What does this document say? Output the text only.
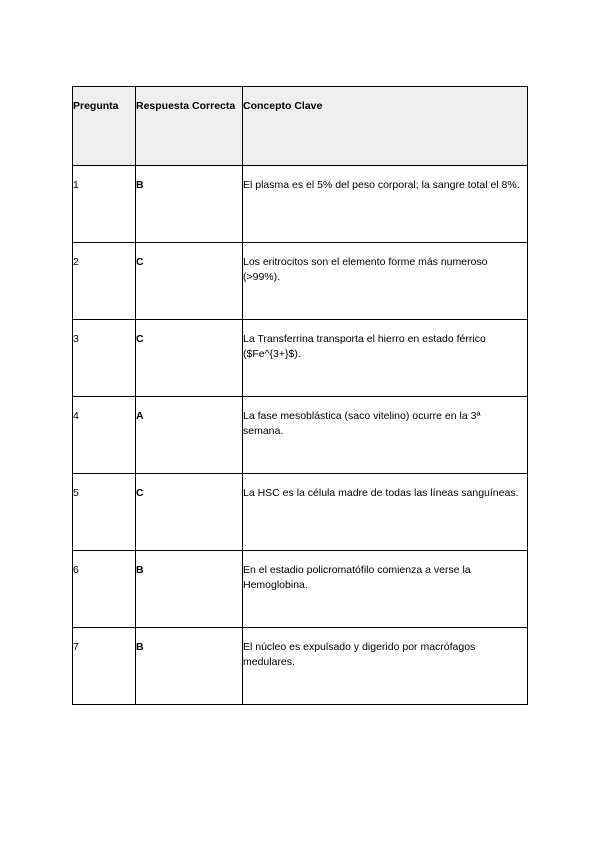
Pregunta	Respuesta Correcta	Concepto Clave
1	B	El plasma es el 5% del peso corporal; la sangre total el 8%.
2	C	Los eritrocitos son el elemento forme más numeroso (>99%).
3	C	La Transferrina transporta el hierro en estado férrico ($Fe^{3+}$).
4	A	La fase mesoblástica (saco vitelino) ocurre en la 3ª semana.
5	C	La HSC es la célula madre de todas las líneas sanguíneas.
6	B	En el estadio policromatófilo comienza a verse la Hemoglobina.
7	B	El núcleo es expulsado y digerido por macrófagos medulares.
